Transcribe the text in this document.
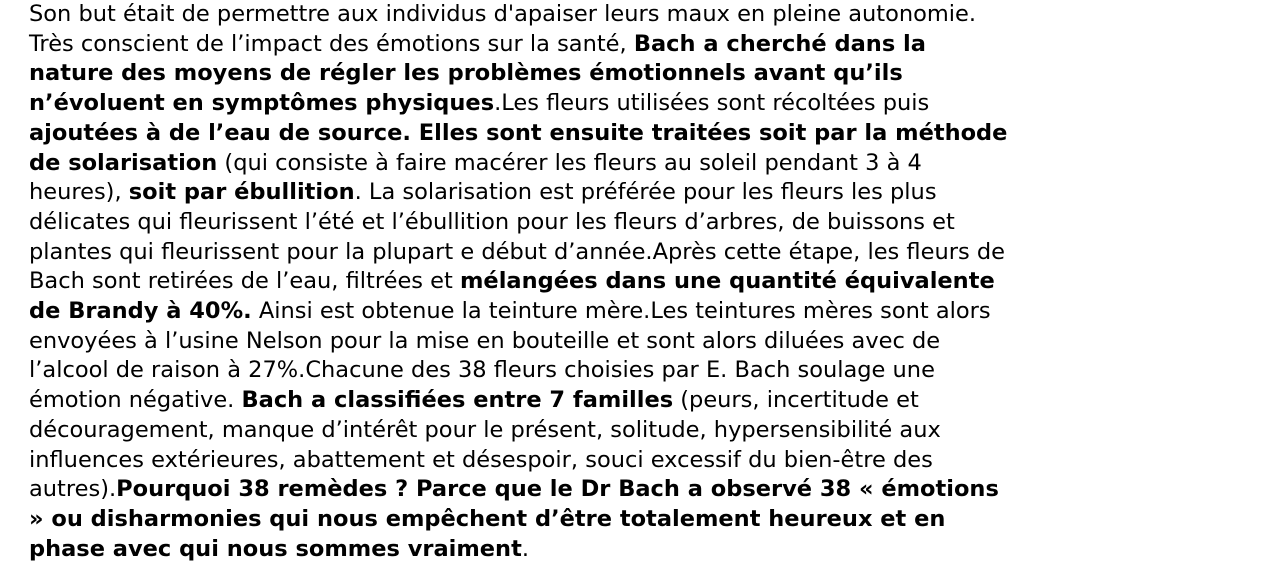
Son but était de permettre aux individus d'apaiser leurs maux en pleine autonomie.
Très conscient de l’impact des émotions sur la santé, Bach a cherché dans la
nature des moyens de régler les problèmes émotionnels avant qu’ils
n’évoluent en symptômes physiques.Les fleurs utilisées sont récoltées puis
ajoutées à de l’eau de source. Elles sont ensuite traitées soit par la méthode
de solarisation (qui consiste à faire macérer les fleurs au soleil pendant 3 à 4
heures), soit par ébullition. La solarisation est préférée pour les fleurs les plus
délicates qui fleurissent l’été et l’ébullition pour les fleurs d’arbres, de buissons et
plantes qui fleurissent pour la plupart e début d’année.Après cette étape, les fleurs de
Bach sont retirées de l’eau, filtrées et mélangées dans une quantité équivalente
de Brandy à 40%. Ainsi est obtenue la teinture mère.Les teintures mères sont alors
envoyées à l’usine Nelson pour la mise en bouteille et sont alors diluées avec de
l’alcool de raison à 27%.Chacune des 38 fleurs choisies par E. Bach soulage une
émotion négative. Bach a classifiées entre 7 familles (peurs, incertitude et
découragement, manque d’intérêt pour le présent, solitude, hypersensibilité aux
influences extérieures, abattement et désespoir, souci excessif du bien-être des
autres).Pourquoi 38 remèdes ? Parce que le Dr Bach a observé 38 « émotions
» ou disharmonies qui nous empêchent d’être totalement heureux et en
phase avec qui nous sommes vraiment.
